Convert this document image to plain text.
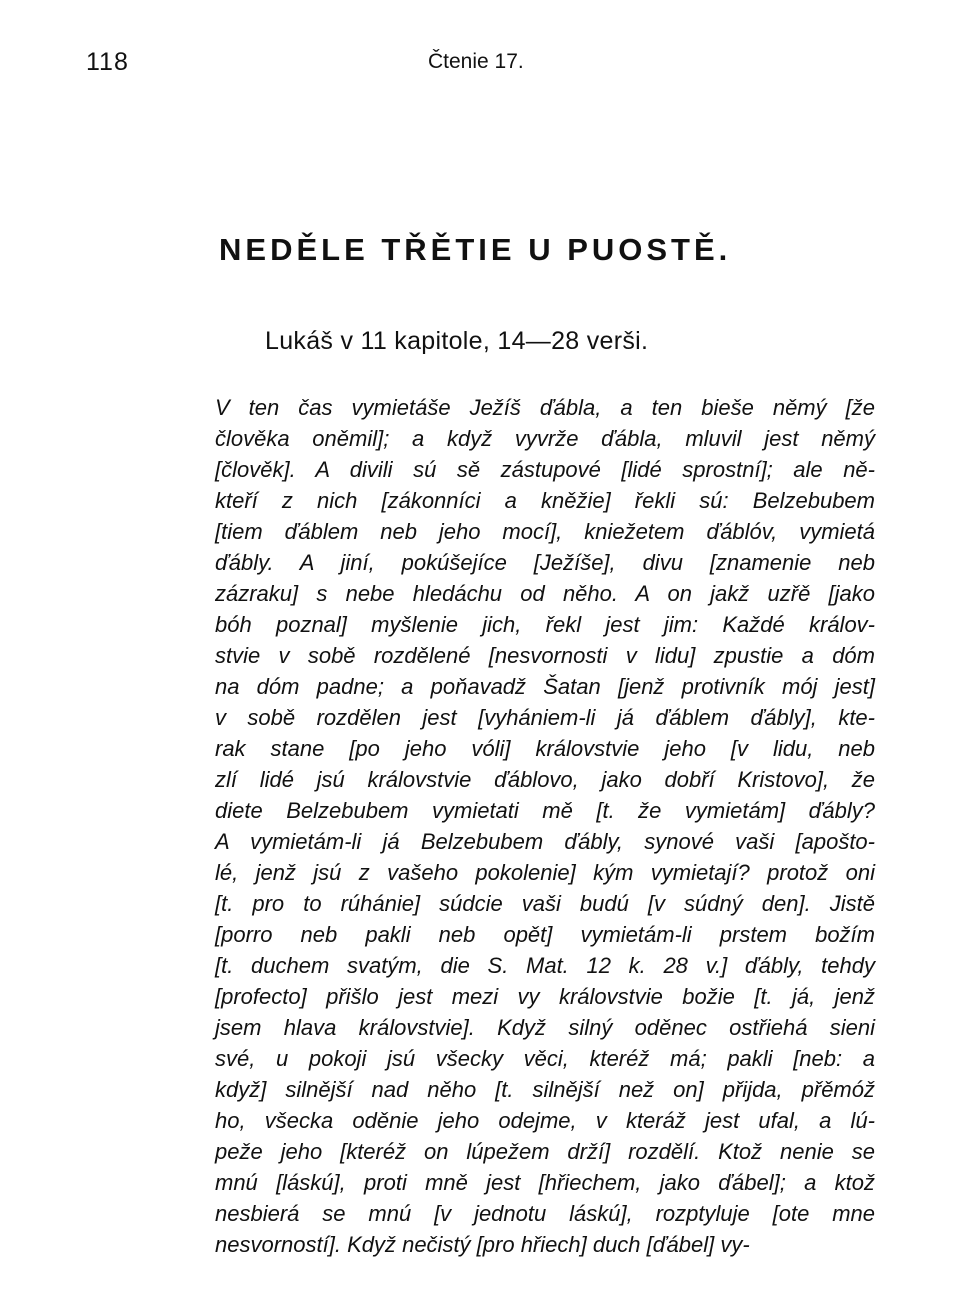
118	Čtenie 17.
NEDĚLE TŘĚTIE U PUOSTĚ.
Lukáš v 11 kapitole, 14—28 verši.
V ten čas vymietáše Ježíš ďábla, a ten bieše němý [že
člověka oněmil]; a když vyvrže ďábla, mluvil jest němý
[člověk]. A divili sú sě zástupové [lidé sprostní]; ale ně-
kteří z nich [zákonníci a kněžie] řekli sú: Belzebubem
[tiem ďáblem neb jeho mocí], kniežetem ďáblóv, vymietá
ďábly. A jiní, pokúšejíce [Ježíše], divu [znamenie neb
zázraku] s nebe hledáchu od něho. A on jakž uzřě [jako
bóh poznal] myšlenie jich, řekl jest jim: Každé králov-
stvie v sobě rozdělené [nesvornosti v lidu] zpustie a dóm
na dóm padne; a poňavadž Šatan [jenž protivník mój jest]
v sobě rozdělen jest [vyhániem-li já ďáblem ďábly], kte-
rak stane [po jeho vóli] královstvie jeho [v lidu, neb
zlí lidé jsú královstvie ďáblovo, jako dobří Kristovo], že
diete Belzebubem vymietati mě [t. že vymietám] ďábly?
A vymietám-li já Belzebubem ďábly, synové vaši [apošto-
lé, jenž jsú z vašeho pokolenie] kým vymietají? protož oni
[t. pro to rúhánie] súdcie vaši budú [v súdný den]. Jistě
[porro neb pakli neb opět] vymietám-li prstem božím
[t. duchem svatým, die S. Mat. 12 k. 28 v.] ďábly, tehdy
[profecto] přišlo jest mezi vy královstvie božie [t. já, jenž
jsem hlava královstvie]. Když silný oděnec ostřiehá sieni
své, u pokoji jsú všecky věci, kteréž má; pakli [neb: a
když] silnější nad něho [t. silnější než on] přijda, přěmóž
ho, všecka oděnie jeho odejme, v kteráž jest ufal, a lú-
peže jeho [kteréž on lúpežem drží] rozdělí. Ktož nenie se
mnú [láskú], proti mně jest [hřiechem, jako ďábel]; a ktož
nesbierá se mnú [v jednotu láskú], rozptyluje [ote mne
nesvorností]. Když nečistý [pro hřiech] duch [ďábel] vy-
